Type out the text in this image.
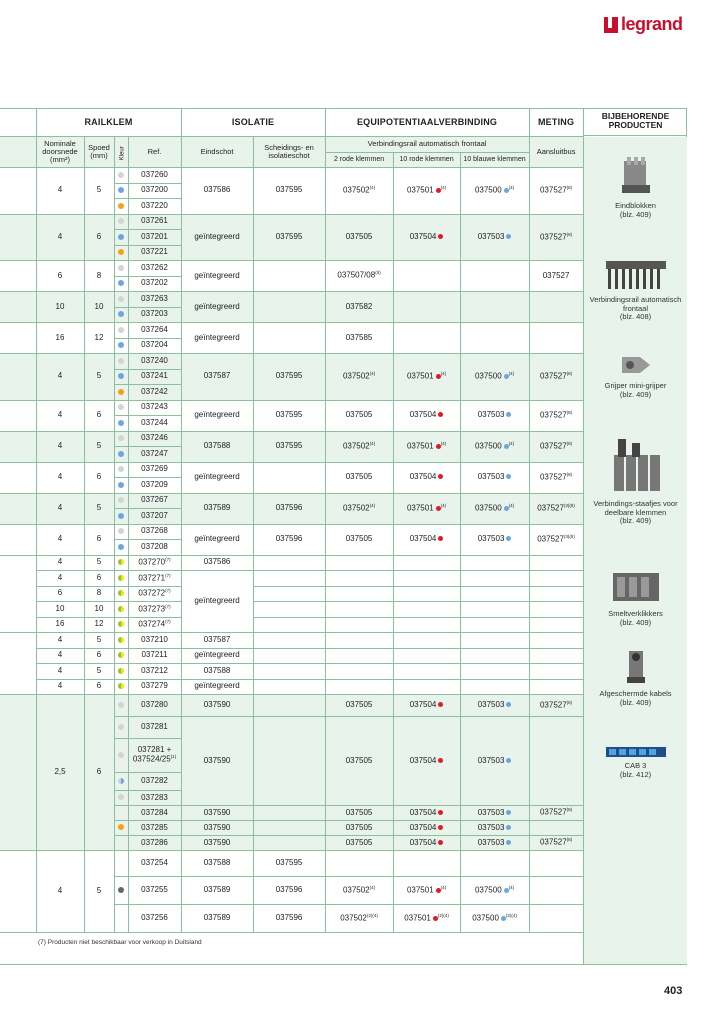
legrand
	RAILKLEM				ISOLATIE		EQUIPOTENTIAALVERBINDING			METING
	Nominale doorsnede (mm²)	Spoed (mm)	Kleur	Ref.	Eindschot	Scheidings- en isolatieschot	Verbindingsrail automatisch frontaal			Aansluitbus
							2 rode klemmen	10 rode klemmen	10 blauwe klemmen	
	4	5		037260	037586	037595	037502$^{(4)}$	037501 $^{(4)}$	037500 $^{(4)}$	037527$^{(8)}$
				037200						
				037220						
	4	6		037261	geïntegreerd	037595	037505	037504	037503	037527$^{(8)}$
				037201						
				037221						
	6	8		037262	geïntegreerd		037507/08$^{(5)}$			037527
				037202						
	10	10		037263	geïntegreerd		037582			
				037203						
	16	12		037264	geïntegreerd		037585			
				037204						
	4	5		037240	037587	037595	037502$^{(4)}$	037501 $^{(4)}$	037500 $^{(4)}$	037527$^{(8)}$
				037241						
				037242						
	4	6		037243	geïntegreerd	037595	037505	037504	037503	037527$^{(8)}$
				037244						
	4	5		037246	037588	037595	037502$^{(4)}$	037501 $^{(4)}$	037500 $^{(4)}$	037527$^{(8)}$
				037247						
	4	6		037269	geïntegreerd		037505	037504	037503	037527$^{(8)}$
				037209						
	4	5		037267	037589	037596	037502$^{(4)}$	037501 $^{(4)}$	037500 $^{(4)}$	$037527^{(3)(8)}$
				037207						
	4	6		037268	geïntegreerd	037596	037505	037504	037503	$037527^{(3)(8)}$
				037208						
	4	5		037270$^{(7)}$	037586					
	4	6		037271$^{(7)}$	geïntegreerd					
	6	8		037272$^{(7)}$					
	10	10		037273$^{(7)}$					
	16	12		037274$^{(7)}$					
	4	5		037210	037587					
	4	6		037211	geïntegreerd					
	4	5		037212	037588					
	4	6		037279	geïntegreerd					
	2,5	6		037280	037590		037505	037504	037503	037527$^{(8)}$
				037281	037590		037505	037504	037503	
				$037281 + 037524/25^{(1)}$
				037282						
				037283						
				037284	037590		037505	037504	037503	037527$^{(8)}$
				037285	037590		037505	037504	037503	
				037286	037590		037505	037504	037503	037527$^{(8)}$
	4	5		037254	037588	037595				
				037255	037589	037596	037502$^{(4)}$	037501 $^{(4)}$	037500 $^{(4)}$	
				037256	037589	037596	$037502^{(2)(4)}$	037501 $^{(2)(4)}$	037500 $^{(2)(4)}$	
BIJBEHORENDE PRODUCTEN
Eindblokken
(blz. 409)
Verbindingsrail automatisch frontaal
(blz. 408)
Grijper mini-grijper
(blz. 409)
Verbindings-staafjes voor deelbare klemmen
(blz. 409)
Smeltverklikkers
(blz. 409)
Afgeschermde kabels
(blz. 409)
CAB 3
(blz. 412)
(7) Producten niet beschikbaar voor verkoop in Duitsland
403
